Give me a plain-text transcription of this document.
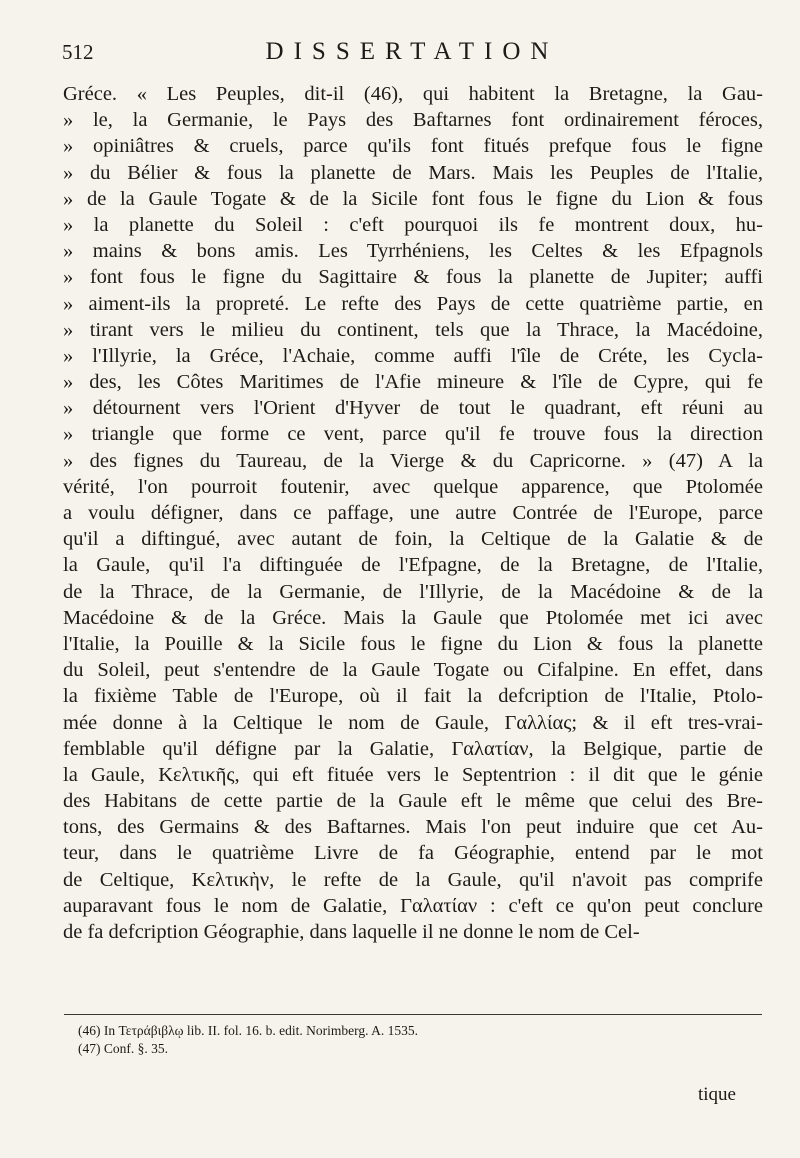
512	DISSERTATION
Gréce. « Les Peuples, dit-il (46), qui habitent la Bretagne, la Gau-
» le, la Germanie, le Pays des Baftarnes font ordinairement féroces,
» opiniâtres & cruels, parce qu'ils font fitués prefque fous le figne
» du Bélier & fous la planette de Mars. Mais les Peuples de l'Italie,
» de la Gaule Togate & de la Sicile font fous le figne du Lion & fous
» la planette du Soleil : c'eft pourquoi ils fe montrent doux, hu-
» mains & bons amis. Les Tyrrhéniens, les Celtes & les Efpagnols
» font fous le figne du Sagittaire & fous la planette de Jupiter; auffi
» aiment-ils la propreté. Le refte des Pays de cette quatrième partie, en
» tirant vers le milieu du continent, tels que la Thrace, la Macédoine,
» l'Illyrie, la Gréce, l'Achaie, comme auffi l'île de Créte, les Cycla-
» des, les Côtes Maritimes de l'Afie mineure & l'île de Cypre, qui fe
» détournent vers l'Orient d'Hyver de tout le quadrant, eft réuni au
» triangle que forme ce vent, parce qu'il fe trouve fous la direction
» des fignes du Taureau, de la Vierge & du Capricorne. » (47) A la
vérité, l'on pourroit foutenir, avec quelque apparence, que Ptolomée
a voulu défigner, dans ce paffage, une autre Contrée de l'Europe, parce
qu'il a diftingué, avec autant de foin, la Celtique de la Galatie & de
la Gaule, qu'il l'a diftinguée de l'Efpagne, de la Bretagne, de l'Italie,
de la Thrace, de la Germanie, de l'Illyrie, de la Macédoine & de la
Macédoine & de la Gréce. Mais la Gaule que Ptolomée met ici avec
l'Italie, la Pouille & la Sicile fous le figne du Lion & fous la planette
du Soleil, peut s'entendre de la Gaule Togate ou Cifalpine. En effet, dans
la fixième Table de l'Europe, où il fait la defcription de l'Italie, Ptolo-
mée donne à la Celtique le nom de Gaule, Γαλλίας; & il eft tres-vrai-
femblable qu'il défigne par la Galatie, Γαλατίαν, la Belgique, partie de
la Gaule, Κελτικῆς, qui eft fituée vers le Septentrion : il dit que le génie
des Habitans de cette partie de la Gaule eft le même que celui des Bre-
tons, des Germains & des Baftarnes. Mais l'on peut induire que cet Au-
teur, dans le quatrième Livre de fa Géographie, entend par le mot
de Celtique, Κελτικὴν, le refte de la Gaule, qu'il n'avoit pas comprife
auparavant fous le nom de Galatie, Γαλατίαν : c'eft ce qu'on peut conclure
de fa defcription Géographie, dans laquelle il ne donne le nom de Cel-
(46) In Τετράβιβλῳ lib. II. fol. 16. b. edit. Norimberg. A. 1535.
(47) Conf. §. 35.
tique
